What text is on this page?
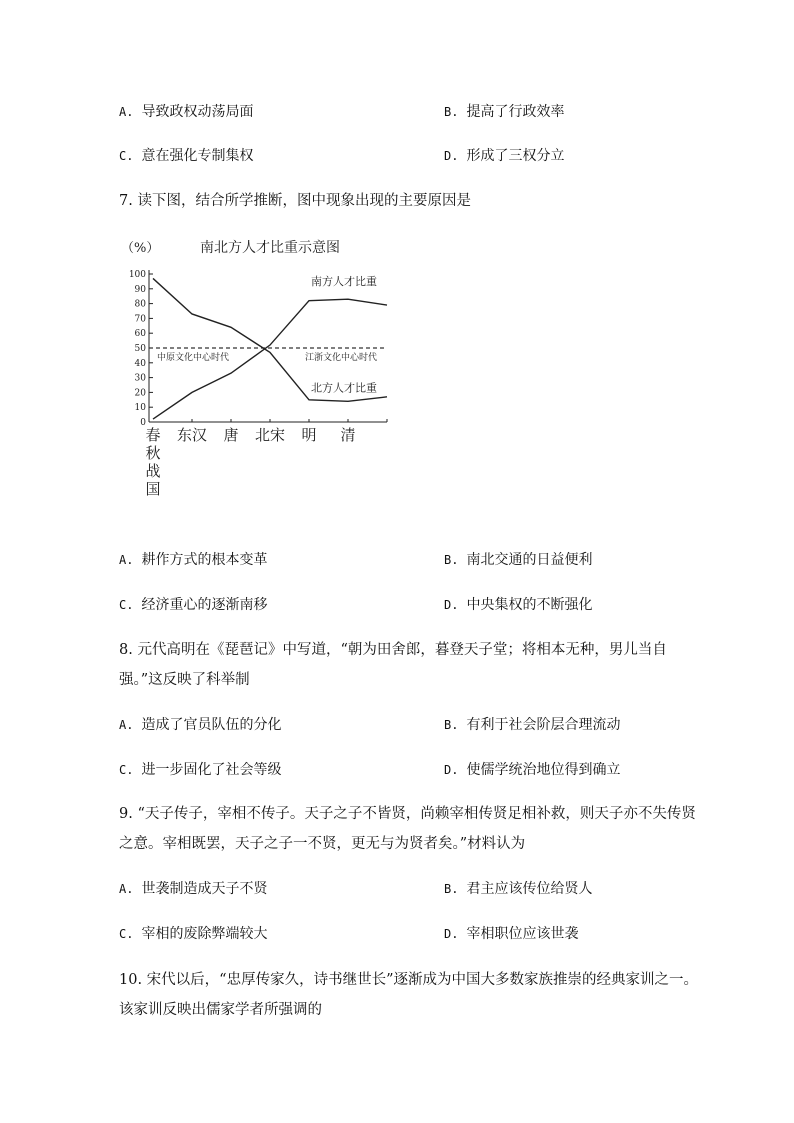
A. 导致政权动荡局面	B. 提高了行政效率
C. 意在强化专制集权	D. 形成了三权分立
7. 读下图，结合所学推断，图中现象出现的主要原因是
（%）	南北方人才比重示意图
0
10
20
30
40
50
60
70
80
90
100
春
秋
战
国
东汉 唐 北宋 明 清
中原文化中心时代	江浙文化中心时代
南方人才比重
北方人才比重
A. 耕作方式的根本变革	B. 南北交通的日益便利
C. 经济重心的逐渐南移	D. 中央集权的不断强化
8. 元代高明在《琵琶记》中写道，“朝为田舍郎，暮登天子堂；将相本无种，男儿当自
强。”这反映了科举制
A. 造成了官员队伍的分化	B. 有利于社会阶层合理流动
C. 进一步固化了社会等级	D. 使儒学统治地位得到确立
9. “天子传子，宰相不传子。天子之子不皆贤，尚赖宰相传贤足相补救，则天子亦不失传贤
之意。宰相既罢，天子之子一不贤，更无与为贤者矣。”材料认为
A. 世袭制造成天子不贤	B. 君主应该传位给贤人
C. 宰相的废除弊端较大	D. 宰相职位应该世袭
10. 宋代以后，“忠厚传家久，诗书继世长”逐渐成为中国大多数家族推崇的经典家训之一。
该家训反映出儒家学者所强调的
